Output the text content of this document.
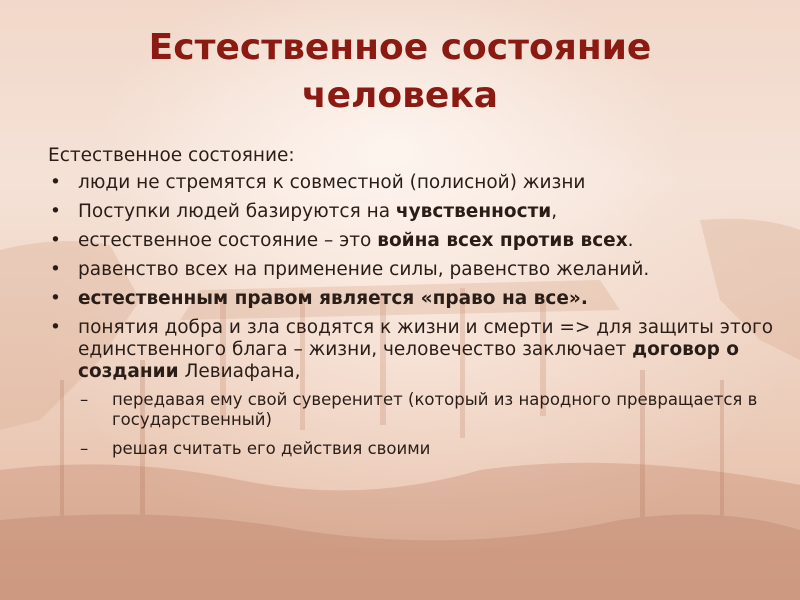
Естественное состояние
человека

Естественное состояние:

• люди не стремятся к совместной (полисной) жизни
• Поступки людей базируются на чувственности,
• естественное состояние – это война всех против всех.
• равенство всех на применение силы, равенство желаний.
• естественным правом является «право на все».
• понятия добра и зла сводятся к жизни и смерти => для защиты этого единственного блага – жизни, человечество заключает договор о создании Левиафана,
– передавая ему свой суверенитет (который из народного превращается в государственный)
– решая считать его действия своими
